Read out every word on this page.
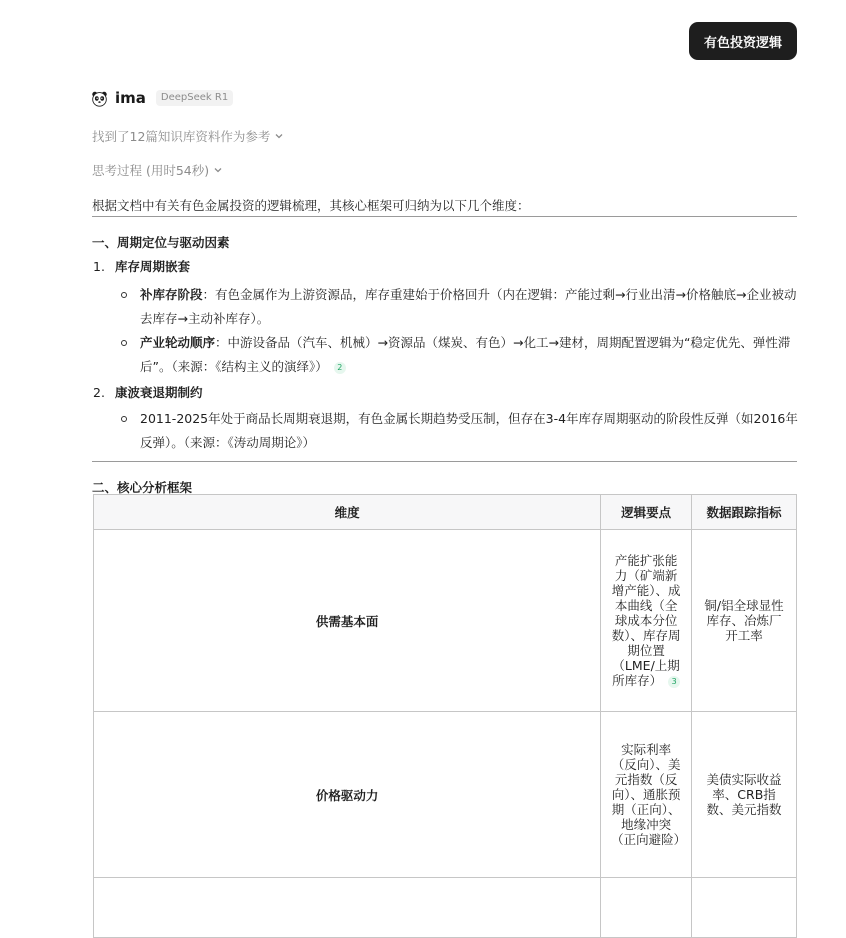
有色投资逻辑
ima	DeepSeek R1
找到了12篇知识库资料作为参考
思考过程 (用时54秒)
根据文档中有关有色金属投资的逻辑梳理，其核心框架可归纳为以下几个维度：
一、周期定位与驱动因素
1. 库存周期嵌套
补库存阶段：有色金属作为上游资源品，库存重建始于价格回升（内在逻辑：产能过剩→行业出清→价格触底→企业被动去库存→主动补库存）。
产业轮动顺序：中游设备品（汽车、机械）→资源品（煤炭、有色）→化工→建材，周期配置逻辑为“稳定优先、弹性滞后”。（来源：《结构主义的演绎》） 2
2. 康波衰退期制约
2011-2025年处于商品长周期衰退期，有色金属长期趋势受压制，但存在3-4年库存周期驱动的阶段性反弹（如2016年反弹）。（来源：《涛动周期论》）
二、核心分析框架
维度	逻辑要点	数据跟踪指标
供需基本面	产能扩张能力（矿端新增产能）、成本曲线（全球成本分位数）、库存周期位置（LME/上期所库存） 3	铜/铝全球显性库存、冶炼厂开工率
价格驱动力	实际利率（反向）、美元指数（反向）、通胀预期（正向）、地缘冲突（正向避险）	美债实际收益率、CRB指数、美元指数
